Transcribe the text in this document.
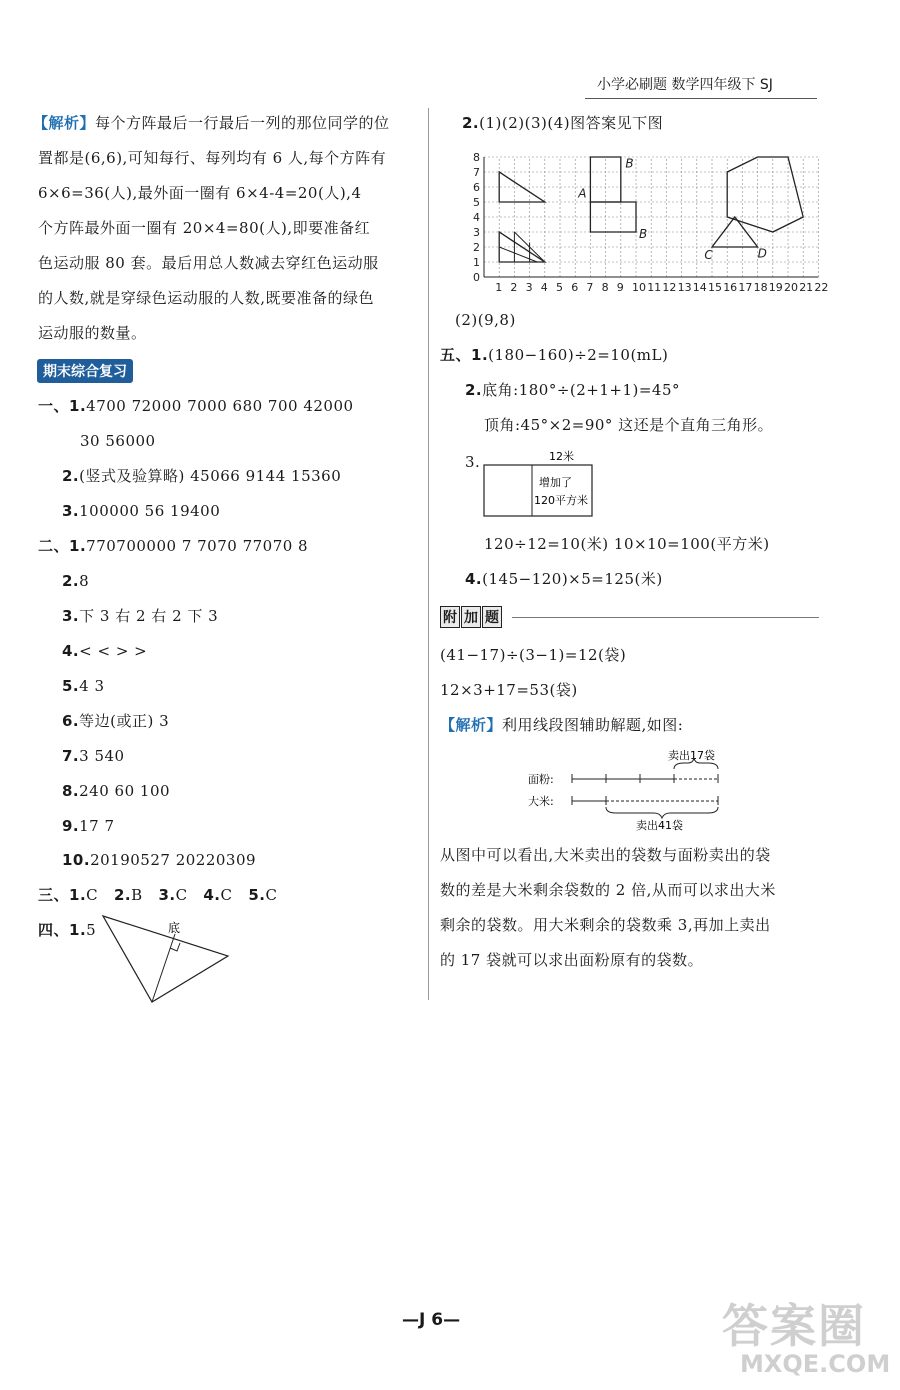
小学必刷题 数学四年级下 SJ
【解析】每个方阵最后一行最后一列的那位同学的位
置都是(6,6),可知每行、每列均有 6 人,每个方阵有
6×6=36(人),最外面一圈有 6×4-4=20(人),4
个方阵最外面一圈有 20×4=80(人),即要准备红
色运动服 80 套。最后用总人数减去穿红色运动服
的人数,就是穿绿色运动服的人数,既要准备的绿色
运动服的数量。
期末综合复习
一、1.4700 72000 7000 680 700 42000
30 56000
2.(竖式及验算略) 45066 9144 15360
3.100000 56 19400
二、1.770700000 7 7070 77070 8
2.8
3.下 3 右 2 右 2 下 3
4.< < > >
5.4 3
6.等边(或正) 3
7.3 540
8.240 60 100
9.17 7
10.20190527 20220309
三、1.C 2.B 3.C 4.C 5.C
四、1.5	底
2.(1)(2)(3)(4)图答案见下图
1 2 3 4 5 6 7 8 9 10 11 12 13 14 15 16 17 18 19 20 21 22
0
1
2
3
4
5
6
7
8	B
A
B
C	D
(2)(9,8)
五、1.(180−160)÷2=10(mL)
2.底角:180°÷(2+1+1)=45°
顶角:45°×2=90° 这还是个直角三角形。
3.	12米
增加了
120平方米
120÷12=10(米) 10×10=100(平方米)
4.(145−120)×5=125(米)
附 加 题
(41−17)÷(3−1)=12(袋)
12×3+17=53(袋)
【解析】利用线段图辅助解题,如图:
卖出17袋
面粉:
大米:
卖出41袋
从图中可以看出,大米卖出的袋数与面粉卖出的袋
数的差是大米剩余袋数的 2 倍,从而可以求出大米
剩余的袋数。用大米剩余的袋数乘 3,再加上卖出
的 17 袋就可以求出面粉原有的袋数。
—J 6—	答案圈
MXQE.COM
